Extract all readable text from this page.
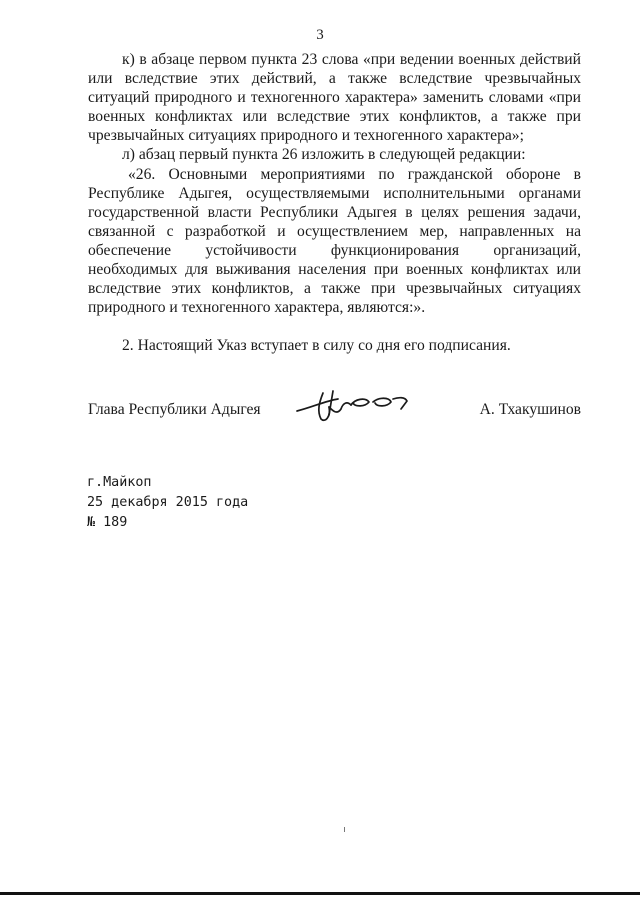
3

к) в абзаце первом пункта 23 слова «при ведении военных действий или вследствие этих действий, а также вследствие чрезвычайных ситуаций природного и техногенного характера» заменить словами «при военных конфликтах или вследствие этих конфликтов, а также при чрезвычайных ситуациях природного и техногенного характера»;

л) абзац первый пункта 26 изложить в следующей редакции:

«26. Основными мероприятиями по гражданской обороне в Республике Адыгея, осуществляемыми исполнительными органами государственной власти Республики Адыгея в целях решения задачи, связанной с разработкой и осуществлением мер, направленных на обеспечение устойчивости функционирования организаций, необходимых для выживания населения при военных конфликтах или вследствие этих конфликтов, а также при чрезвычайных ситуациях природного и техногенного характера, являются:».

2. Настоящий Указ вступает в силу со дня его подписания.

Глава Республики Адыгея	А. Тхакушинов
г.Майкоп
25 декабря 2015 года
№ 189
